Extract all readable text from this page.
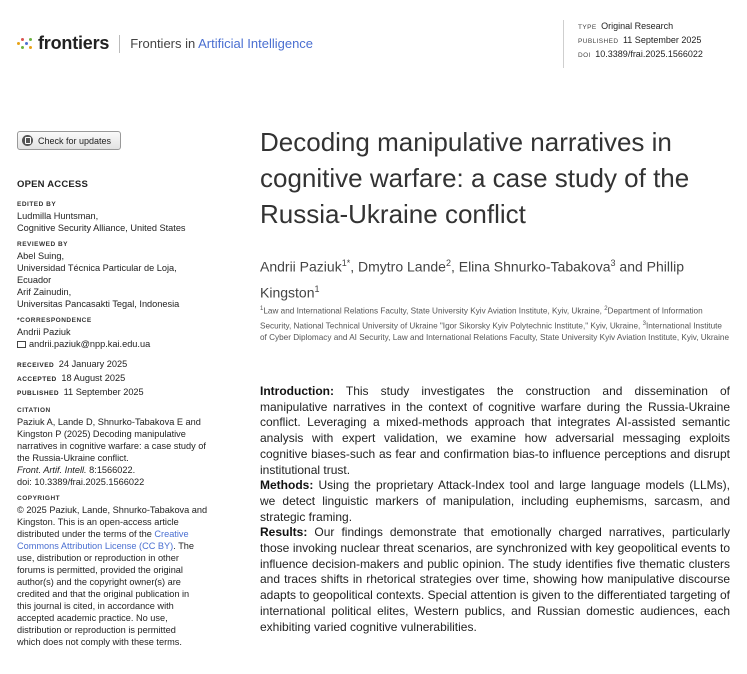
frontiers Frontiers in Artificial Intelligence
TYPE Original Research
PUBLISHED 11 September 2025
DOI 10.3389/frai.2025.1566022
Check for updates
OPEN ACCESS
EDITED BY
Ludmilla Huntsman,
Cognitive Security Alliance, United States
REVIEWED BY
Abel Suing,
Universidad Técnica Particular de Loja,
Ecuador
Arif Zainudin,
Universitas Pancasakti Tegal, Indonesia
*CORRESPONDENCE
Andrii Paziuk
andrii.paziuk@npp.kai.edu.ua
RECEIVED 24 January 2025
ACCEPTED 18 August 2025
PUBLISHED 11 September 2025
CITATION
Paziuk A, Lande D, Shnurko-Tabakova E and
Kingston P (2025) Decoding manipulative
narratives in cognitive warfare: a case study of
the Russia-Ukraine conflict.
Front. Artif. Intell. 8:1566022.
doi: 10.3389/frai.2025.1566022
COPYRIGHT
© 2025 Paziuk, Lande, Shnurko-Tabakova and
Kingston. This is an open-access article
distributed under the terms of the Creative
Commons Attribution License (CC BY). The
use, distribution or reproduction in other
forums is permitted, provided the original
author(s) and the copyright owner(s) are
credited and that the original publication in
this journal is cited, in accordance with
accepted academic practice. No use,
distribution or reproduction is permitted
which does not comply with these terms.
Decoding manipulative narratives in cognitive warfare: a case study of the Russia-Ukraine conflict
Andrii Paziuk$^{1*}$, Dmytro Lande$^2$, Elina Shnurko-Tabakova$^3$ and Phillip Kingston$^1$
$^1$Law and International Relations Faculty, State University Kyiv Aviation Institute, Kyiv, Ukraine, $^2$Department of Information Security, National Technical University of Ukraine "Igor Sikorsky Kyiv Polytechnic Institute," Kyiv, Ukraine, $^3$International Institute of Cyber Diplomacy and AI Security, Law and International Relations Faculty, State University Kyiv Aviation Institute, Kyiv, Ukraine

Introduction: This study investigates the construction and dissemination of manipulative narratives in the context of cognitive warfare during the Russia-Ukraine conflict. Leveraging a mixed-methods approach that integrates AI-assisted semantic analysis with expert validation, we examine how adversarial messaging exploits cognitive biases-such as fear and confirmation bias-to influence perceptions and disrupt institutional trust.

Methods: Using the proprietary Attack-Index tool and large language models (LLMs), we detect linguistic markers of manipulation, including euphemisms, sarcasm, and strategic framing.

Results: Our findings demonstrate that emotionally charged narratives, particularly those invoking nuclear threat scenarios, are synchronized with key geopolitical events to influence decision-makers and public opinion. The study identifies five thematic clusters and traces shifts in rhetorical strategies over time, showing how manipulative discourse adapts to geopolitical contexts. Special attention is given to the differentiated targeting of international political elites, Western publics, and Russian domestic audiences, each exhibiting varied cognitive vulnerabilities.
